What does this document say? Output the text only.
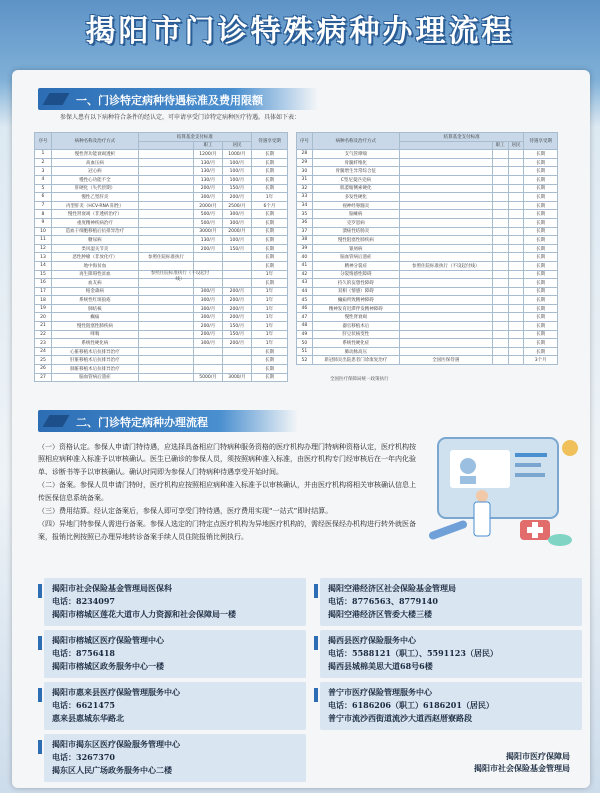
揭阳市门诊特殊病种办理流程
一、门诊特定病种待遇标准及费用限额
参保人患有以下病种符合条件的经认定，可申请享受门诊特定病种医疗待遇。具体如下表：
序号	病种名称及治疗方式	结算基金支付标准			待遇享受期
			职工	居民	
1	慢性肾功能衰竭透析		1200/月	1000/月	长期
2	高血压病		130/月	100/月	长期
3	冠心病		130/月	100/月	长期
4	慢性心功能不全		130/月	100/月	长期
5	肝硬化（失代偿期）		200/月	150/月	长期
6	慢性乙型肝炎		300/月	200/月	1年
7	丙型肝炎（HCV-RNA 阳性）		2000/月	2500/月	6个月
8	慢性肾衰竭（非透析治疗）		500/月	300/月	长期
9	重度精神疾病治疗		500/月	300/月	长期
10	造血干细胞移植后抗排异治疗		3000/月	2000/月	长期
11	糖尿病		130/月	100/月	长期
12	类风湿关节炎		200/月	150/月	长期
13	恶性肿瘤（非放化疗）	参照住院标准执行			长期
14	地中海贫血				长期
15	再生障碍性贫血				1年
16	血友病				长期
17	帕金森病		300/月	200/月	1年
18	系统性红斑狼疮		300/月	200/月	1年
19	肺结核		300/月	200/月	1年
20	癫痫		300/月	200/月	1年
21	慢性阻塞性肺疾病		200/月	150/月	1年
22	哮喘		200/月	150/月	1年
23	系统性硬化病		300/月	200/月	1年
24	心脏移植术后抗排异治疗				长期
25	肝脏移植术后抗排异治疗				长期
26	肺脏移植术后抗排异治疗				长期
27	脑血管病后遗症		5000/月	3000/月	长期
序号	病种名称及治疗方式	结算基金支付标准			待遇享受期
			职工	居民	
28	支气管哮喘				长期
29	骨髓纤维化				长期
30	骨髓增生异常综合征				长期
31	C型尼曼匹克病				长期
32	肌萎缩侧索硬化				长期
33	多发性硬化				长期
34	视神经脊髓炎				长期
35	脑瘫病				长期
36	克罗恩病				长期
37	溃疡性结肠炎				长期
38	慢性阻塞性肺疾病				长期
39	银屑病				长期
40	脑血管病后遗症				长期
41	精神分裂症	参照住院标准执行（不设起付线）			长期
42	分裂情感性障碍				长期
43	持久的妄想性障碍				长期
44	双相（情感）障碍				长期
45	癫痫所致精神障碍				长期
46	精神发育迟滞伴发精神障碍				长期
47	慢性肾衰竭				长期
48	器官移植术后				长期
49	肝豆状核变性				长期
50	系统性硬化症				长期
51	肺动脉高压				长期
52	新冠肺炎出院患者门诊康复治疗	全国医保待遇			3个月
全国医疗保障局统一政策执行
参照住院标准执行（不设起付线）
二、门诊特定病种办理流程
（一）资格认定。参保人申请门特待遇，应选择具备相应门特病种服务资格的医疗机构办理门特病种资格认定，医疗机构按照相应病种准入标准予以审核确认。医生已确诊的参保人员，须按照病种准入标准，由医疗机构专门经审核后在一年内化验单、诊断书等予以审核确认。确认时同即为参保人门特病种待遇享受开始时间。
（二）备案。参保人员申请门特时，医疗机构应按照相应病种准入标准予以审核确认，并由医疗机构将相关审核确认信息上传医保信息系统备案。
（三）费用结算。经认定备案后，参保人即可享受门特待遇，医疗费用实现“一站式”即时结算。
（四）异地门特参保人需进行备案。参保人选定的门特定点医疗机构为异地医疗机构的，需经医保经办机构进行转外就医备案，报销比例按照已办理异地转诊备案手续人员住院报销比例执行。
揭阳市社会保险基金管理局医保科
电话：8234097
揭阳市榕城区莲花大道市人力资源和社会保障局一楼
揭阳空港经济区社会保险基金管理局
电话：8776563、8779140
揭阳空港经济区管委大楼三楼
揭阳市榕城区医疗保险管理中心
电话：8756418
揭阳市榕城区政务服务中心一楼
揭西县医疗保险服务中心
电话：5588121（职工）、5591123（居民）
揭西县城棉美思大道68号6楼
揭阳市惠来县医疗保险管理服务中心
电话：6621475
惠来县惠城东华路北
普宁市医疗保险管理服务中心
电话：6186206（职工）6186201（居民）
普宁市流沙西街道流沙大道西赵厝寮路段
揭阳市揭东区医疗保险服务管理中心
电话：3267370
揭东区人民广场政务服务中心二楼
揭阳市医疗保障局
揭阳市社会保险基金管理局
